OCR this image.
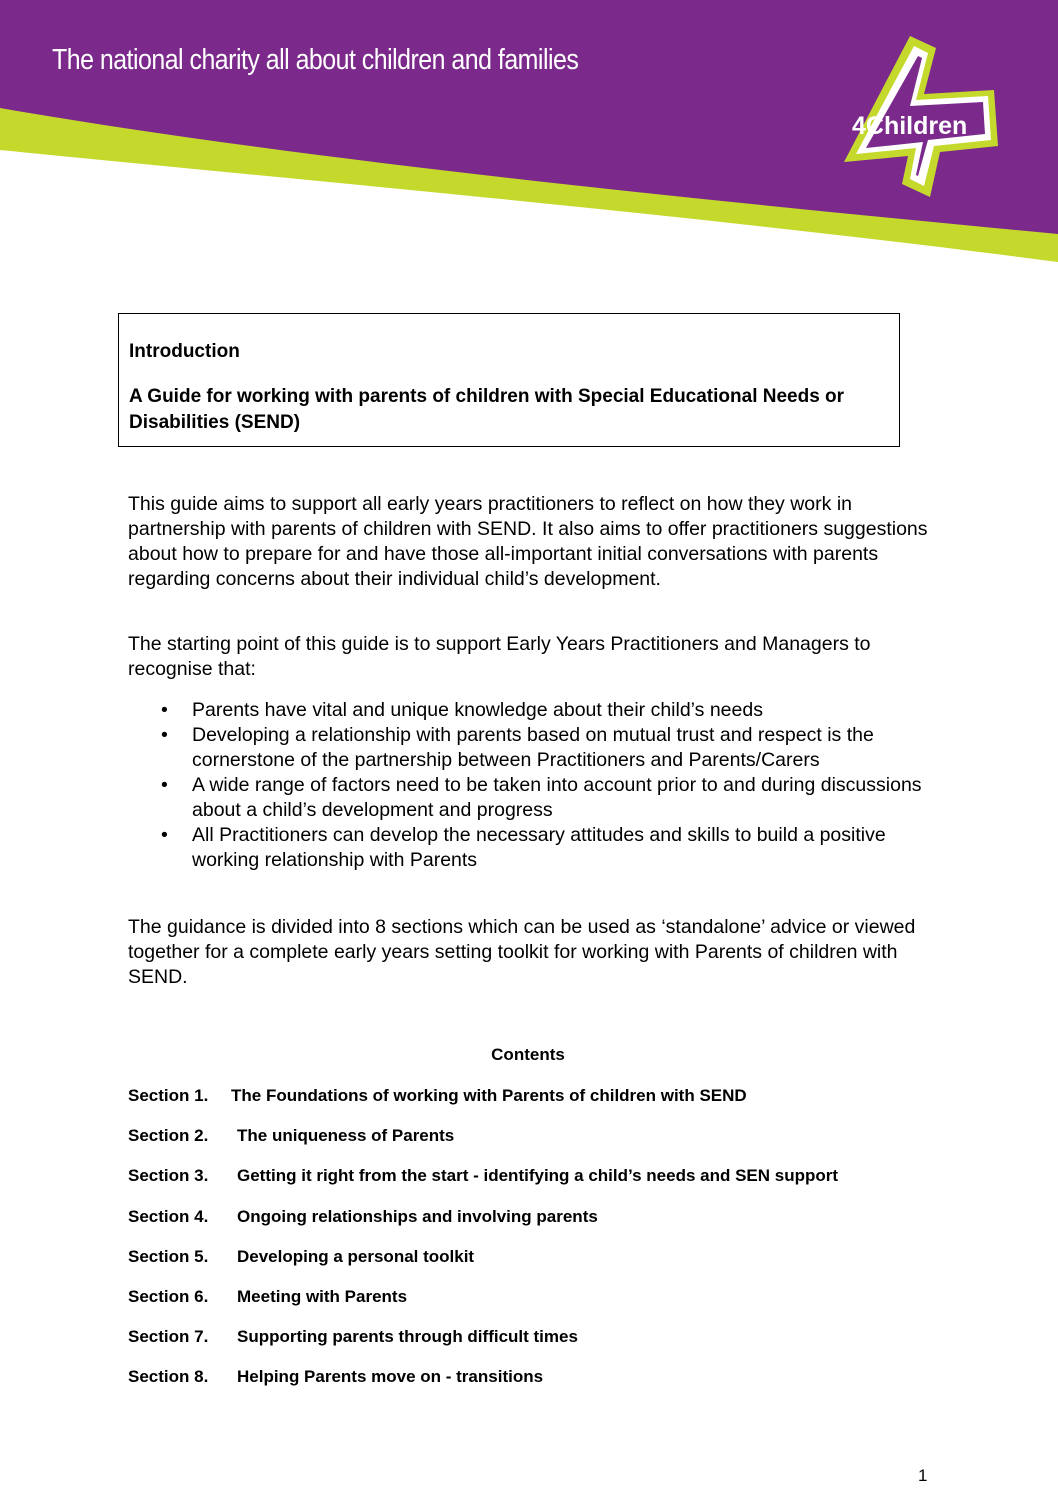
The national charity all about children and families
4Children

Introduction

A Guide for working with parents of children with Special Educational Needs or Disabilities (SEND)

This guide aims to support all early years practitioners to reflect on how they work in partnership with parents of children with SEND. It also aims to offer practitioners suggestions about how to prepare for and have those all-important initial conversations with parents regarding concerns about their individual child’s development.

The starting point of this guide is to support Early Years Practitioners and Managers to recognise that:

• Parents have vital and unique knowledge about their child’s needs
• Developing a relationship with parents based on mutual trust and respect is the cornerstone of the partnership between Practitioners and Parents/Carers
• A wide range of factors need to be taken into account prior to and during discussions about a child’s development and progress
• All Practitioners can develop the necessary attitudes and skills to build a positive working relationship with Parents

The guidance is divided into 8 sections which can be used as ‘standalone’ advice or viewed together for a complete early years setting toolkit for working with Parents of children with SEND.

Contents

Section 1. The Foundations of working with Parents of children with SEND
Section 2. The uniqueness of Parents
Section 3. Getting it right from the start - identifying a child’s needs and SEN support
Section 4. Ongoing relationships and involving parents
Section 5. Developing a personal toolkit
Section 6. Meeting with Parents
Section 7. Supporting parents through difficult times
Section 8. Helping Parents move on - transitions

1
